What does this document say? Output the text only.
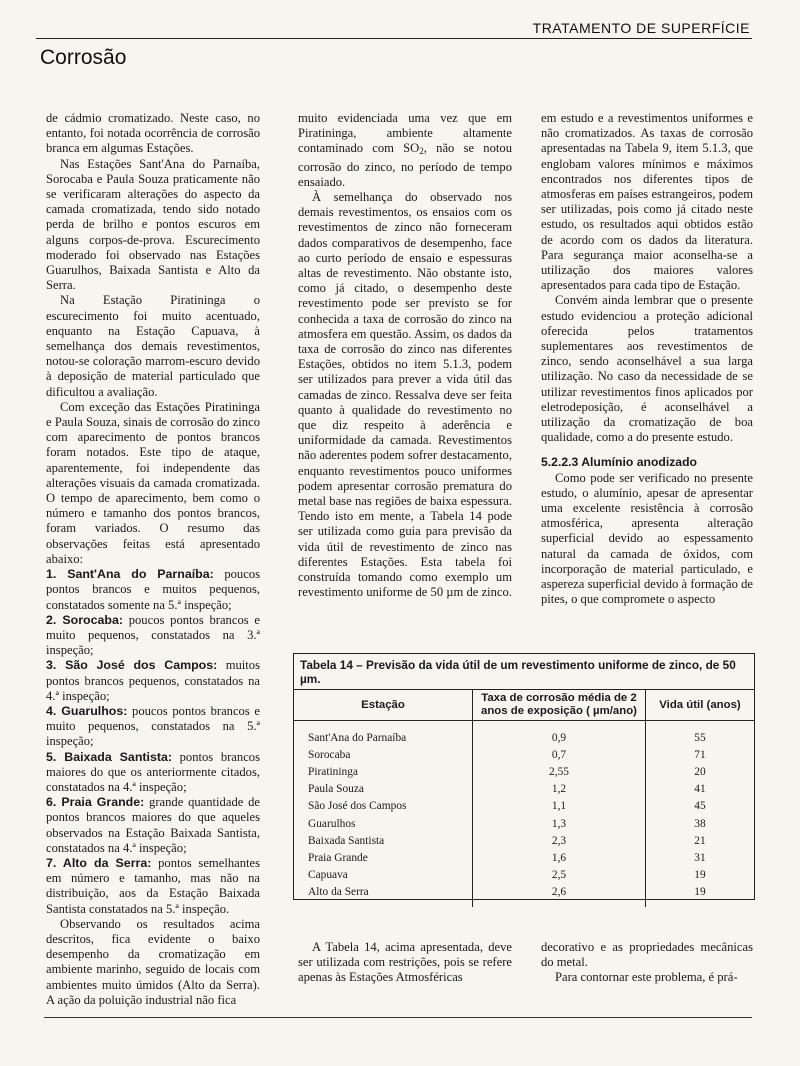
TRATAMENTO DE SUPERFÍCIE
Corrosão

de cádmio cromatizado. Neste caso, no entanto, foi notada ocorrência de corrosão branca em algumas Estações.

Nas Estações Sant'Ana do Parnaíba, Sorocaba e Paula Souza praticamente não se verificaram alterações do aspecto da camada cromatizada, tendo sido notado perda de brilho e pontos escuros em alguns corpos-de-prova. Escurecimento moderado foi observado nas Estações Guarulhos, Baixada Santista e Alto da Serra.

Na Estação Piratininga o escurecimento foi muito acentuado, enquanto na Estação Capuava, à semelhança dos demais revestimentos, notou-se coloração marrom-escuro devido à deposição de material particulado que dificultou a avaliação.

Com exceção das Estações Piratininga e Paula Souza, sinais de corrosão do zinco com aparecimento de pontos brancos foram notados. Este tipo de ataque, aparentemente, foi independente das alterações visuais da camada cromatizada. O tempo de aparecimento, bem como o número e tamanho dos pontos brancos, foram variados. O resumo das observações feitas está apresentado abaixo:

1. Sant'Ana do Parnaíba: poucos pontos brancos e muitos pequenos, constatados somente na 5.ª inspeção;

2. Sorocaba: poucos pontos brancos e muito pequenos, constatados na 3.ª inspeção;

3. São José dos Campos: muitos pontos brancos pequenos, constatados na 4.ª inspeção;

4. Guarulhos: poucos pontos brancos e muito pequenos, constatados na 5.ª inspeção;

5. Baixada Santista: pontos brancos maiores do que os anteriormente citados, constatados na 4.ª inspeção;

6. Praia Grande: grande quantidade de pontos brancos maiores do que aqueles observados na Estação Baixada Santista, constatados na 4.ª inspeção;

7. Alto da Serra: pontos semelhantes em número e tamanho, mas não na distribuição, aos da Estação Baixada Santista constatados na 5.ª inspeção.

Observando os resultados acima descritos, fica evidente o baixo desempenho da cromatização em ambiente marinho, seguido de locais com ambientes muito úmidos (Alto da Serra). A ação da poluição industrial não fica

muito evidenciada uma vez que em Piratininga, ambiente altamente contaminado com $SO_2$, não se notou corrosão do zinco, no período de tempo ensaiado.

À semelhança do observado nos demais revestimentos, os ensaios com os revestimentos de zinco não forneceram dados comparativos de desempenho, face ao curto período de ensaio e espessuras altas de revestimento. Não obstante isto, como já citado, o desempenho deste revestimento pode ser previsto se for conhecida a taxa de corrosão do zinco na atmosfera em questão. Assim, os dados da taxa de corrosão do zinco nas diferentes Estações, obtidos no item 5.1.3, podem ser utilizados para prever a vida útil das camadas de zinco. Ressalva deve ser feita quanto à qualidade do revestimento no que diz respeito à aderência e uniformidade da camada. Revestimentos não aderentes podem sofrer destacamento, enquanto revestimentos pouco uniformes podem apresentar corrosão prematura do metal base nas regiões de baixa espessura. Tendo isto em mente, a Tabela 14 pode ser utilizada como guia para previsão da vida útil de revestimento de zinco nas diferentes Estações. Esta tabela foi construída tomando como exemplo um revestimento uniforme de 50 µm de zinco.

em estudo e a revestimentos uniformes e não cromatizados. As taxas de corrosão apresentadas na Tabela 9, item 5.1.3, que englobam valores mínimos e máximos encontrados nos diferentes tipos de atmosferas em países estrangeiros, podem ser utilizadas, pois como já citado neste estudo, os resultados aqui obtidos estão de acordo com os dados da literatura. Para segurança maior aconselha-se a utilização dos maiores valores apresentados para cada tipo de Estação.

Convém ainda lembrar que o presente estudo evidenciou a proteção adicional oferecida pelos tratamentos suplementares aos revestimentos de zinco, sendo aconselhável a sua larga utilização. No caso da necessidade de se utilizar revestimentos finos aplicados por eletrodeposição, é aconselhável a utilização da cromatização de boa qualidade, como a do presente estudo.

5.2.2.3 Alumínio anodizado

Como pode ser verificado no presente estudo, o alumínio, apesar de apresentar uma excelente resistência à corrosão atmosférica, apresenta alteração superficial devido ao espessamento natural da camada de óxidos, com incorporação de material particulado, e aspereza superficial devido à formação de pites, o que compromete o aspecto

Tabela 14 – Previsão da vida útil de um revestimento uniforme de zinco, de 50 µm.
Estação	Taxa de corrosão média de 2 anos de exposição ( µm/ano)	Vida útil (anos)
Sant'Ana do Parnaíba	0,9	55
Sorocaba	0,7	71
Piratininga	2,55	20
Paula Souza	1,2	41
São José dos Campos	1,1	45
Guarulhos	1,3	38
Baixada Santista	2,3	21
Praia Grande	1,6	31
Capuava	2,5	19
Alto da Serra	2,6	19

A Tabela 14, acima apresentada, deve ser utilizada com restrições, pois se refere apenas às Estações Atmosféricas

decorativo e as propriedades mecânicas do metal.

Para contornar este problema, é prá-
